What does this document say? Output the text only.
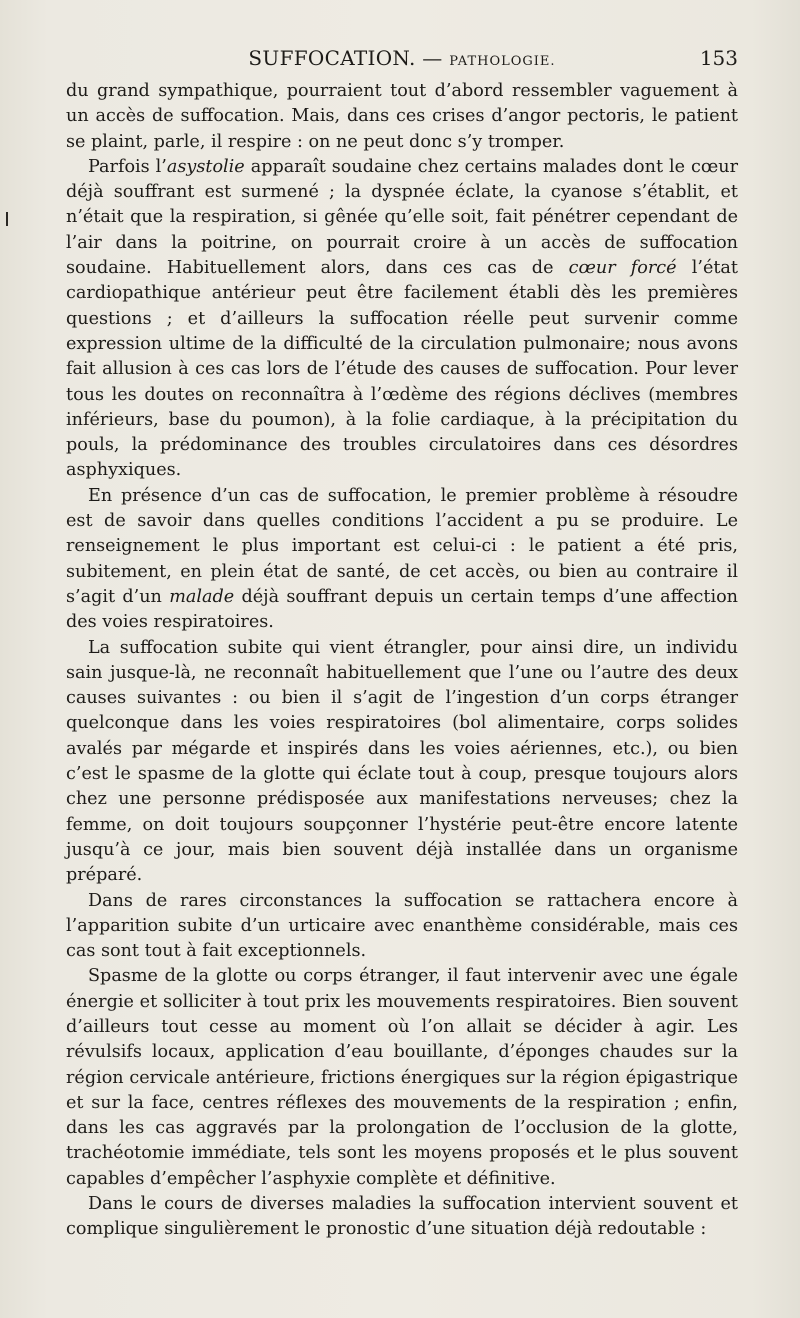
SUFFOCATION. — PATHOLOGIE.	153

du grand sympathique, pourraient tout d’abord ressembler vaguement à un accès de suffocation. Mais, dans ces crises d’angor pectoris, le patient se plaint, parle, il respire : on ne peut donc s’y tromper.

Parfois l’asystolie apparaît soudaine chez certains malades dont le cœur déjà souffrant est surmené ; la dyspnée éclate, la cyanose s’établit, et n’était que la respiration, si gênée qu’elle soit, fait pénétrer cependant de l’air dans la poitrine, on pourrait croire à un accès de suffocation soudaine. Habituellement alors, dans ces cas de cœur forcé l’état cardiopathique antérieur peut être facilement établi dès les premières questions ; et d’ailleurs la suffocation réelle peut survenir comme expression ultime de la difficulté de la circulation pulmonaire; nous avons fait allusion à ces cas lors de l’étude des causes de suffocation. Pour lever tous les doutes on reconnaîtra à l’œdème des régions déclives (membres inférieurs, base du poumon), à la folie cardiaque, à la précipitation du pouls, la prédominance des troubles circulatoires dans ces désordres asphyxiques.

En présence d’un cas de suffocation, le premier problème à résoudre est de savoir dans quelles conditions l’accident a pu se produire. Le renseignement le plus important est celui-ci : le patient a été pris, subitement, en plein état de santé, de cet accès, ou bien au contraire il s’agit d’un malade déjà souffrant depuis un certain temps d’une affection des voies respiratoires.

La suffocation subite qui vient étrangler, pour ainsi dire, un individu sain jusque-là, ne reconnaît habituellement que l’une ou l’autre des deux causes suivantes : ou bien il s’agit de l’ingestion d’un corps étranger quelconque dans les voies respiratoires (bol alimentaire, corps solides avalés par mégarde et inspirés dans les voies aériennes, etc.), ou bien c’est le spasme de la glotte qui éclate tout à coup, presque toujours alors chez une personne prédisposée aux manifestations nerveuses; chez la femme, on doit toujours soupçonner l’hystérie peut-être encore latente jusqu’à ce jour, mais bien souvent déjà installée dans un organisme préparé.

Dans de rares circonstances la suffocation se rattachera encore à l’apparition subite d’un urticaire avec enanthème considérable, mais ces cas sont tout à fait exceptionnels.

Spasme de la glotte ou corps étranger, il faut intervenir avec une égale énergie et solliciter à tout prix les mouvements respiratoires. Bien souvent d’ailleurs tout cesse au moment où l’on allait se décider à agir. Les révulsifs locaux, application d’eau bouillante, d’éponges chaudes sur la région cervicale antérieure, frictions énergiques sur la région épigastrique et sur la face, centres réflexes des mouvements de la respiration ; enfin, dans les cas aggravés par la prolongation de l’occlusion de la glotte, trachéotomie immédiate, tels sont les moyens proposés et le plus souvent capables d’empêcher l’asphyxie complète et définitive.

Dans le cours de diverses maladies la suffocation intervient souvent et complique singulièrement le pronostic d’une situation déjà redoutable :
